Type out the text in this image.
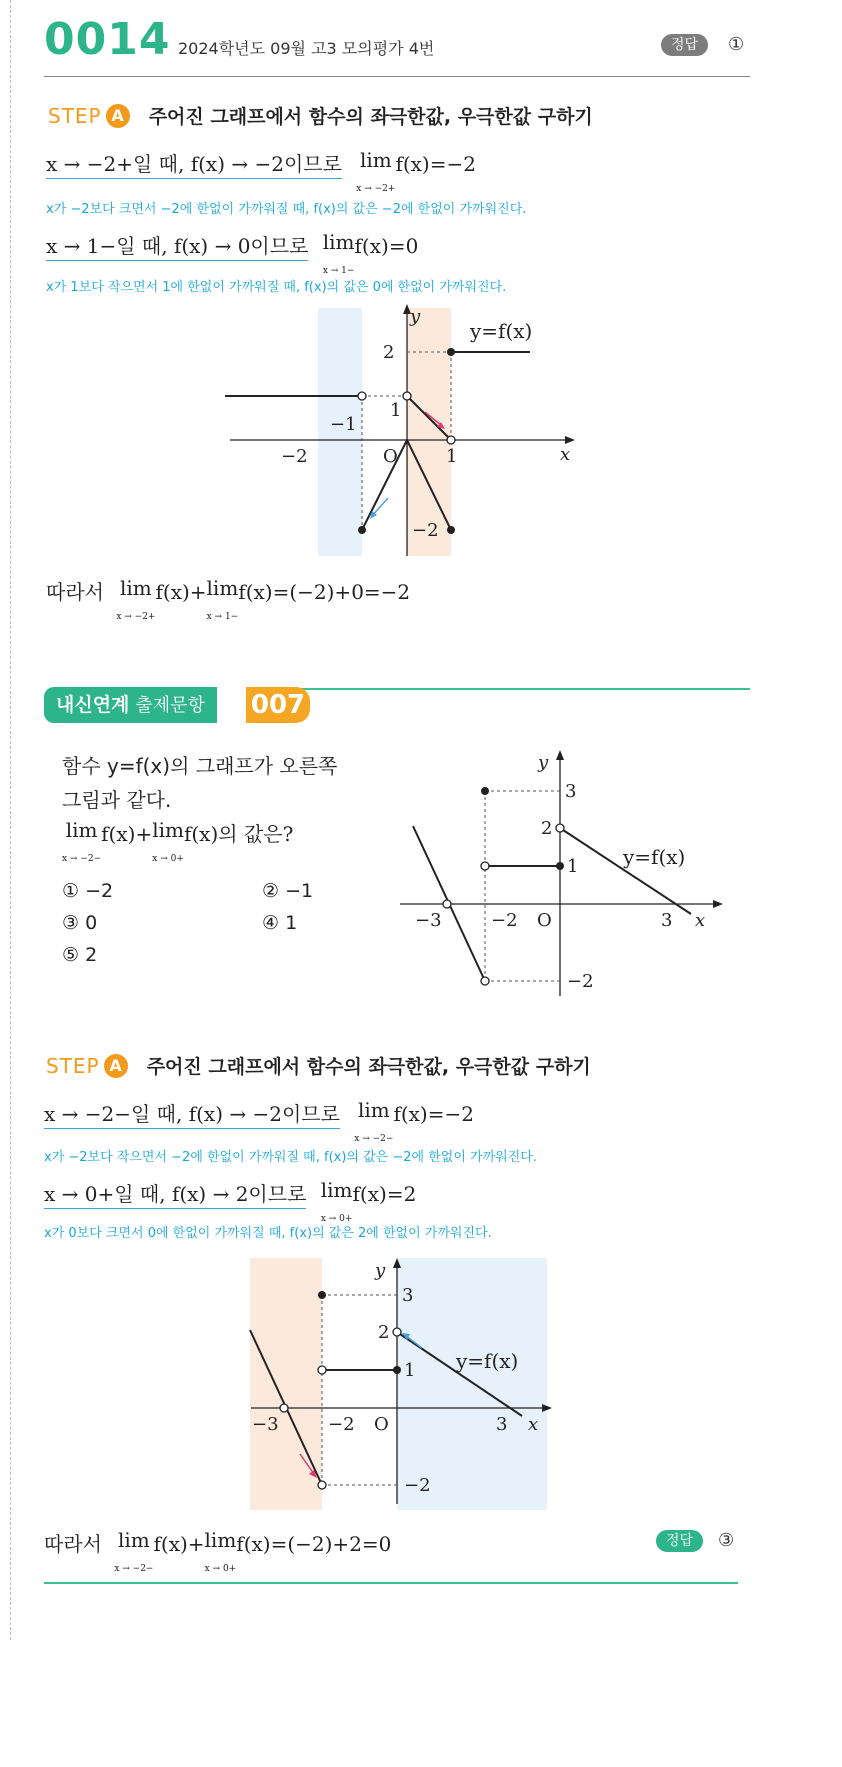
0014 2024학년도 09월 고3 모의평가 4번	정답	①
STEP A 주어진 그래프에서 함수의 좌극한값, 우극한값 구하기
x → −2+일 때, f(x) → −2이므로 lim
x → −2+f(x)=−2
x가 −2보다 크면서 −2에 한없이 가까워질 때, f(x)의 값은 −2에 한없이 가까워진다.
x → 1−일 때, f(x) → 0이므로 lim
x → 1−f(x)=0
x가 1보다 작으면서 1에 한없이 가까워질 때, f(x)의 값은 0에 한없이 가까워진다.
y
x
O
−2	1
2
1
−2
−1
y=f(x)
따라서 lim
x → −2+f(x)+lim
x → 1−f(x)=(−2)+0=−2
내신연계 출제문항	007
함수 y=f(x)의 그래프가 오른쪽
그림과 같다.
lim
x → −2−f(x)+lim
x → 0+f(x)의 값은?
① −2	② −1
③ 0	④ 1
⑤ 2
y
x
O
−3	−2	3
3
2
1
−2
y=f(x)
STEP A 주어진 그래프에서 함수의 좌극한값, 우극한값 구하기
x → −2−일 때, f(x) → −2이므로 lim
x → −2−f(x)=−2
x가 −2보다 작으면서 −2에 한없이 가까워질 때, f(x)의 값은 −2에 한없이 가까워진다.
x → 0+일 때, f(x) → 2이므로 lim
x → 0+f(x)=2
x가 0보다 크면서 0에 한없이 가까워질 때, f(x)의 값은 2에 한없이 가까워진다.
y
x
O
−3	−2	3
3
2
1
−2
y=f(x)
따라서 lim
x → −2−f(x)+lim
x → 0+f(x)=(−2)+2=0	정답	③
